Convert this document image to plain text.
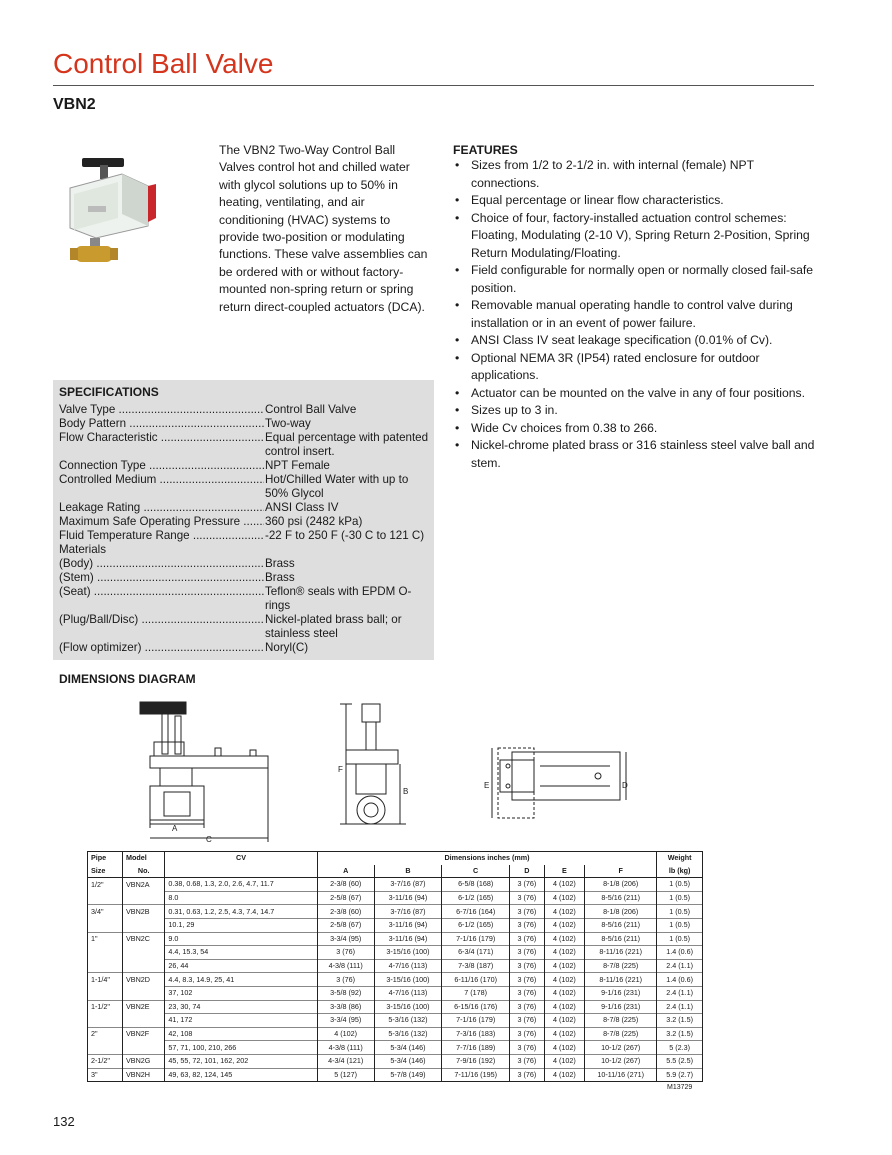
Control Ball Valve
VBN2
The VBN2 Two-Way Control Ball Valves control hot and chilled water with glycol solutions up to 50% in heating, ventilating, and air conditioning (HVAC) systems to provide two-position or modulating functions. These valve assemblies can be ordered with or without factory-mounted non-spring return or spring return direct-coupled actuators (DCA).
SPECIFICATIONS
Valve Type .....	Control Ball Valve
Body Pattern .....	Two-way
Flow Characteristic .....	Equal percentage with patented control insert.
Connection Type .....	NPT Female
Controlled Medium .....	Hot/Chilled Water with up to 50% Glycol
Leakage Rating .....	ANSI Class IV
Maximum Safe Operating Pressure .....	360 psi (2482 kPa)
Fluid Temperature Range .....	-22 F to 250 F (-30 C to 121 C)
Materials
(Body) .....	Brass
(Stem) .....	Brass
(Seat) .....	Teflon® seals with EPDM O-rings
(Plug/Ball/Disc) .....	Nickel-plated brass ball; or stainless steel
(Flow optimizer) .....	Noryl(C)
FEATURES
• Sizes from 1/2 to 2-1/2 in. with internal (female) NPT connections.
• Equal percentage or linear flow characteristics.
• Choice of four, factory-installed actuation control schemes: Floating, Modulating (2-10 V), Spring Return 2-Position, Spring Return Modulating/Floating.
• Field configurable for normally open or normally closed fail-safe position.
• Removable manual operating handle to control valve during installation or in an event of power failure.
• ANSI Class IV seat leakage specification (0.01% of Cv).
• Optional NEMA 3R (IP54) rated enclosure for outdoor applications.
• Actuator can be mounted on the valve in any of four positions.
• Sizes up to 3 in.
• Wide Cv choices from 0.38 to 266.
• Nickel-chrome plated brass or 316 stainless steel valve ball and stem.
DIMENSIONS DIAGRAM
A
C
F
B
E	D
Pipe	Model	CV	Dimensions inches (mm)						Weight
Size	No.		A	B	C	D	E	F	lb (kg)
1/2"	VBN2A	0.38, 0.68, 1.3, 2.0, 2.6, 4.7, 11.7	2-3/8 (60)	3-7/16 (87)	6-5/8 (168)	3 (76)	4 (102)	8-1/8 (206)	1 (0.5)
		8.0	2-5/8 (67)	3-11/16 (94)	6-1/2 (165)	3 (76)	4 (102)	8-5/16 (211)	1 (0.5)
3/4"	VBN2B	0.31, 0.63, 1.2, 2.5, 4.3, 7.4, 14.7	2-3/8 (60)	3-7/16 (87)	6-7/16 (164)	3 (76)	4 (102)	8-1/8 (206)	1 (0.5)
		10.1, 29	2-5/8 (67)	3-11/16 (94)	6-1/2 (165)	3 (76)	4 (102)	8-5/16 (211)	1 (0.5)
1"	VBN2C	9.0	3-3/4 (95)	3-11/16 (94)	7-1/16 (179)	3 (76)	4 (102)	8-5/16 (211)	1 (0.5)
		4.4, 15.3, 54	3 (76)	3-15/16 (100)	6-3/4 (171)	3 (76)	4 (102)	8-11/16 (221)	1.4 (0.6)
		26, 44	4-3/8 (111)	4-7/16 (113)	7-3/8 (187)	3 (76)	4 (102)	8-7/8 (225)	2.4 (1.1)
1-1/4"	VBN2D	4.4, 8.3, 14.9, 25, 41	3 (76)	3-15/16 (100)	6-11/16 (170)	3 (76)	4 (102)	8-11/16 (221)	1.4 (0.6)
		37, 102	3-5/8 (92)	4-7/16 (113)	7 (178)	3 (76)	4 (102)	9-1/16 (231)	2.4 (1.1)
1-1/2"	VBN2E	23, 30, 74	3-3/8 (86)	3-15/16 (100)	6-15/16 (176)	3 (76)	4 (102)	9-1/16 (231)	2.4 (1.1)
		41, 172	3-3/4 (95)	5-3/16 (132)	7-1/16 (179)	3 (76)	4 (102)	8-7/8 (225)	3.2 (1.5)
2"	VBN2F	42, 108	4 (102)	5-3/16 (132)	7-3/16 (183)	3 (76)	4 (102)	8-7/8 (225)	3.2 (1.5)
		57, 71, 100, 210, 266	4-3/8 (111)	5-3/4 (146)	7-7/16 (189)	3 (76)	4 (102)	10-1/2 (267)	5 (2.3)
2-1/2"	VBN2G	45, 55, 72, 101, 162, 202	4-3/4 (121)	5-3/4 (146)	7-9/16 (192)	3 (76)	4 (102)	10-1/2 (267)	5.5 (2.5)
3"	VBN2H	49, 63, 82, 124, 145	5 (127)	5-7/8 (149)	7-11/16 (195)	3 (76)	4 (102)	10-11/16 (271)	5.9 (2.7)
M13729
132
